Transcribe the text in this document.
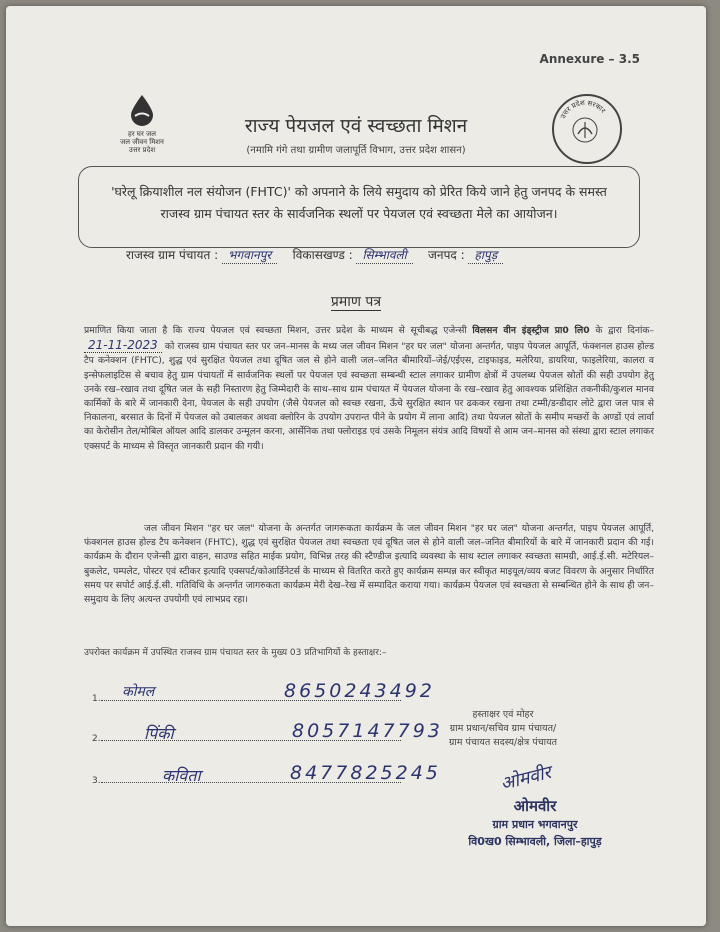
Annexure – 3.5
हर घर जल
जल जीवन मिशन
उत्तर प्रदेश
राज्य पेयजल एवं स्वच्छता मिशन
(नमामि गंगे तथा ग्रामीण जलापूर्ति विभाग, उत्तर प्रदेश शासन)
उत्तर प्रदेश सरकार

'घरेलू क्रियाशील नल संयोजन (FHTC)' को अपनाने के लिये समुदाय को प्रेरित किये जाने हेतु जनपद के समस्त राजस्व ग्राम पंचायत स्तर के सार्वजनिक स्थलों पर पेयजल एवं स्वच्छता मेले का आयोजन।

राजस्व ग्राम पंचायत : भगवानपुर विकासखण्ड : सिम्भावली जनपद : हापुड़
प्रमाण पत्र
प्रमाणित किया जाता है कि राज्य पेयजल एवं स्वच्छता मिशन, उत्तर प्रदेश के माध्यम से सूचीबद्ध एजेन्सी विलसन वीन इंड्स्ट्रीज प्रा0 लि0 के द्वारा दिनांक– 21-11-2023 को राजस्व ग्राम पंचायत स्तर पर जन–मानस के मध्य जल जीवन मिशन "हर घर जल" योजना अन्तर्गत, पाइप पेयजल आपूर्ति, फंक्शनल हाउस होल्ड टैप कनेक्शन (FHTC), शुद्ध एवं सुरक्षित पेयजल तथा दूषित जल से होने वाली जल–जनित बीमारियों–जेई/एईएस, टाइफाइड, मलेरिया, डायरिया, फाइलेरिया, कालरा व इन्सेफलाइटिस से बचाव हेतु ग्राम पंचायतों में सार्वजनिक स्थलों पर पेयजल एवं स्वच्छता सम्बन्धी स्टाल लगाकर ग्रामीण क्षेत्रों में उपलब्ध पेयजल स्रोतों की सही उपयोग हेतु उनके रख–रखाव तथा दूषित जल के सही निस्तारण हेतु जिम्मेदारी के साथ–साथ ग्राम पंचायत में पेयजल योजना के रख–रखाव हेतु आवश्यक प्रशिक्षित तकनीकी/कुशल मानव कार्मिकों के बारे में जानकारी देना, पेयजल के सही उपयोग (जैसे पेयजल को स्वच्छ रखना, ऊँचे सुरक्षित स्थान पर ढककर रखना तथा टम्मी/डन्डीदार लोटे द्वारा जल पात्र से निकालना, बरसात के दिनों में पेयजल को उबालकर अथवा क्लोरिन के उपयोग उपरान्त पीने के प्रयोग में लाना आदि) तथा पेयजल स्रोतों के समीप मच्छरों के अण्डों एवं लार्वा का केरोसीन तेल/मोबिल ऑयल आदि डालकर उन्मूलन करना, आर्सेनिक तथा फ्लोराइड एवं उसके निमूलन संयंत्र आदि विषयों से आम जन–मानस को संस्था द्वारा स्टाल लगाकर एक्सपर्ट के माध्यम से विस्तृत जानकारी प्रदान की गयी।
जल जीवन मिशन "हर घर जल" योजना के अन्तर्गत जागरूकता कार्यक्रम के जल जीवन मिशन "हर घर जल" योजना अन्तर्गत, पाइप पेयजल आपूर्ति, फंक्शनल हाउस होल्ड टैप कनेक्शन (FHTC), शुद्ध एवं सुरक्षित पेयजल तथा स्वच्छता एवं दूषित जल से होने वाली जल–जनित बीमारियों के बारे में जानकारी प्रदान की गई। कार्यक्रम के दौरान एजेन्सी द्वारा वाहन, साउण्ड सहित माईक प्रयोग, विभिन्न तरह की स्टैण्डीज इत्यादि व्यवस्था के साथ स्टाल लगाकर स्वच्छता सामग्री, आई.ई.सी. मटेरियल–बुकलेट, पम्पलेट, पोस्टर एवं स्टीकर इत्यादि एक्सपर्ट/कोआर्डिनेटर्स के माध्यम से वितरित करते हुए कार्यक्रम सम्पन्न कर स्वीकृत माइयूल/व्यय बजट विवरण के अनुसार निर्धारित समय पर सपोर्ट आई.ई.सी. गतिविधि के अन्तर्गत जागरुकता कार्यक्रम मेरी देख–रेख में सम्पादित कराया गया। कार्यक्रम पेयजल एवं स्वच्छता से सम्बन्धित होने के साथ ही जन–समुदाय के लिए अत्यन्त उपयोगी एवं लाभप्रद रहा।
उपरोक्त कार्यक्रम में उपस्थित राजस्व ग्राम पंचायत स्तर के मुख्य 03 प्रतिभागियों के हस्ताक्षर:–
1.	कोमल	8650243492
2.	पिंकी	8057147793
3.	कविता	8477825245
हस्ताक्षर एवं मोहर
ग्राम प्रधान/सचिव ग्राम पंचायत/
ग्राम पंचायत सदस्य/क्षेत्र पंचायत
ओमवीर
ओमवीर
ग्राम प्रधान भगवानपुर
वि0ख0 सिम्भावली, जिला–हापुड़
